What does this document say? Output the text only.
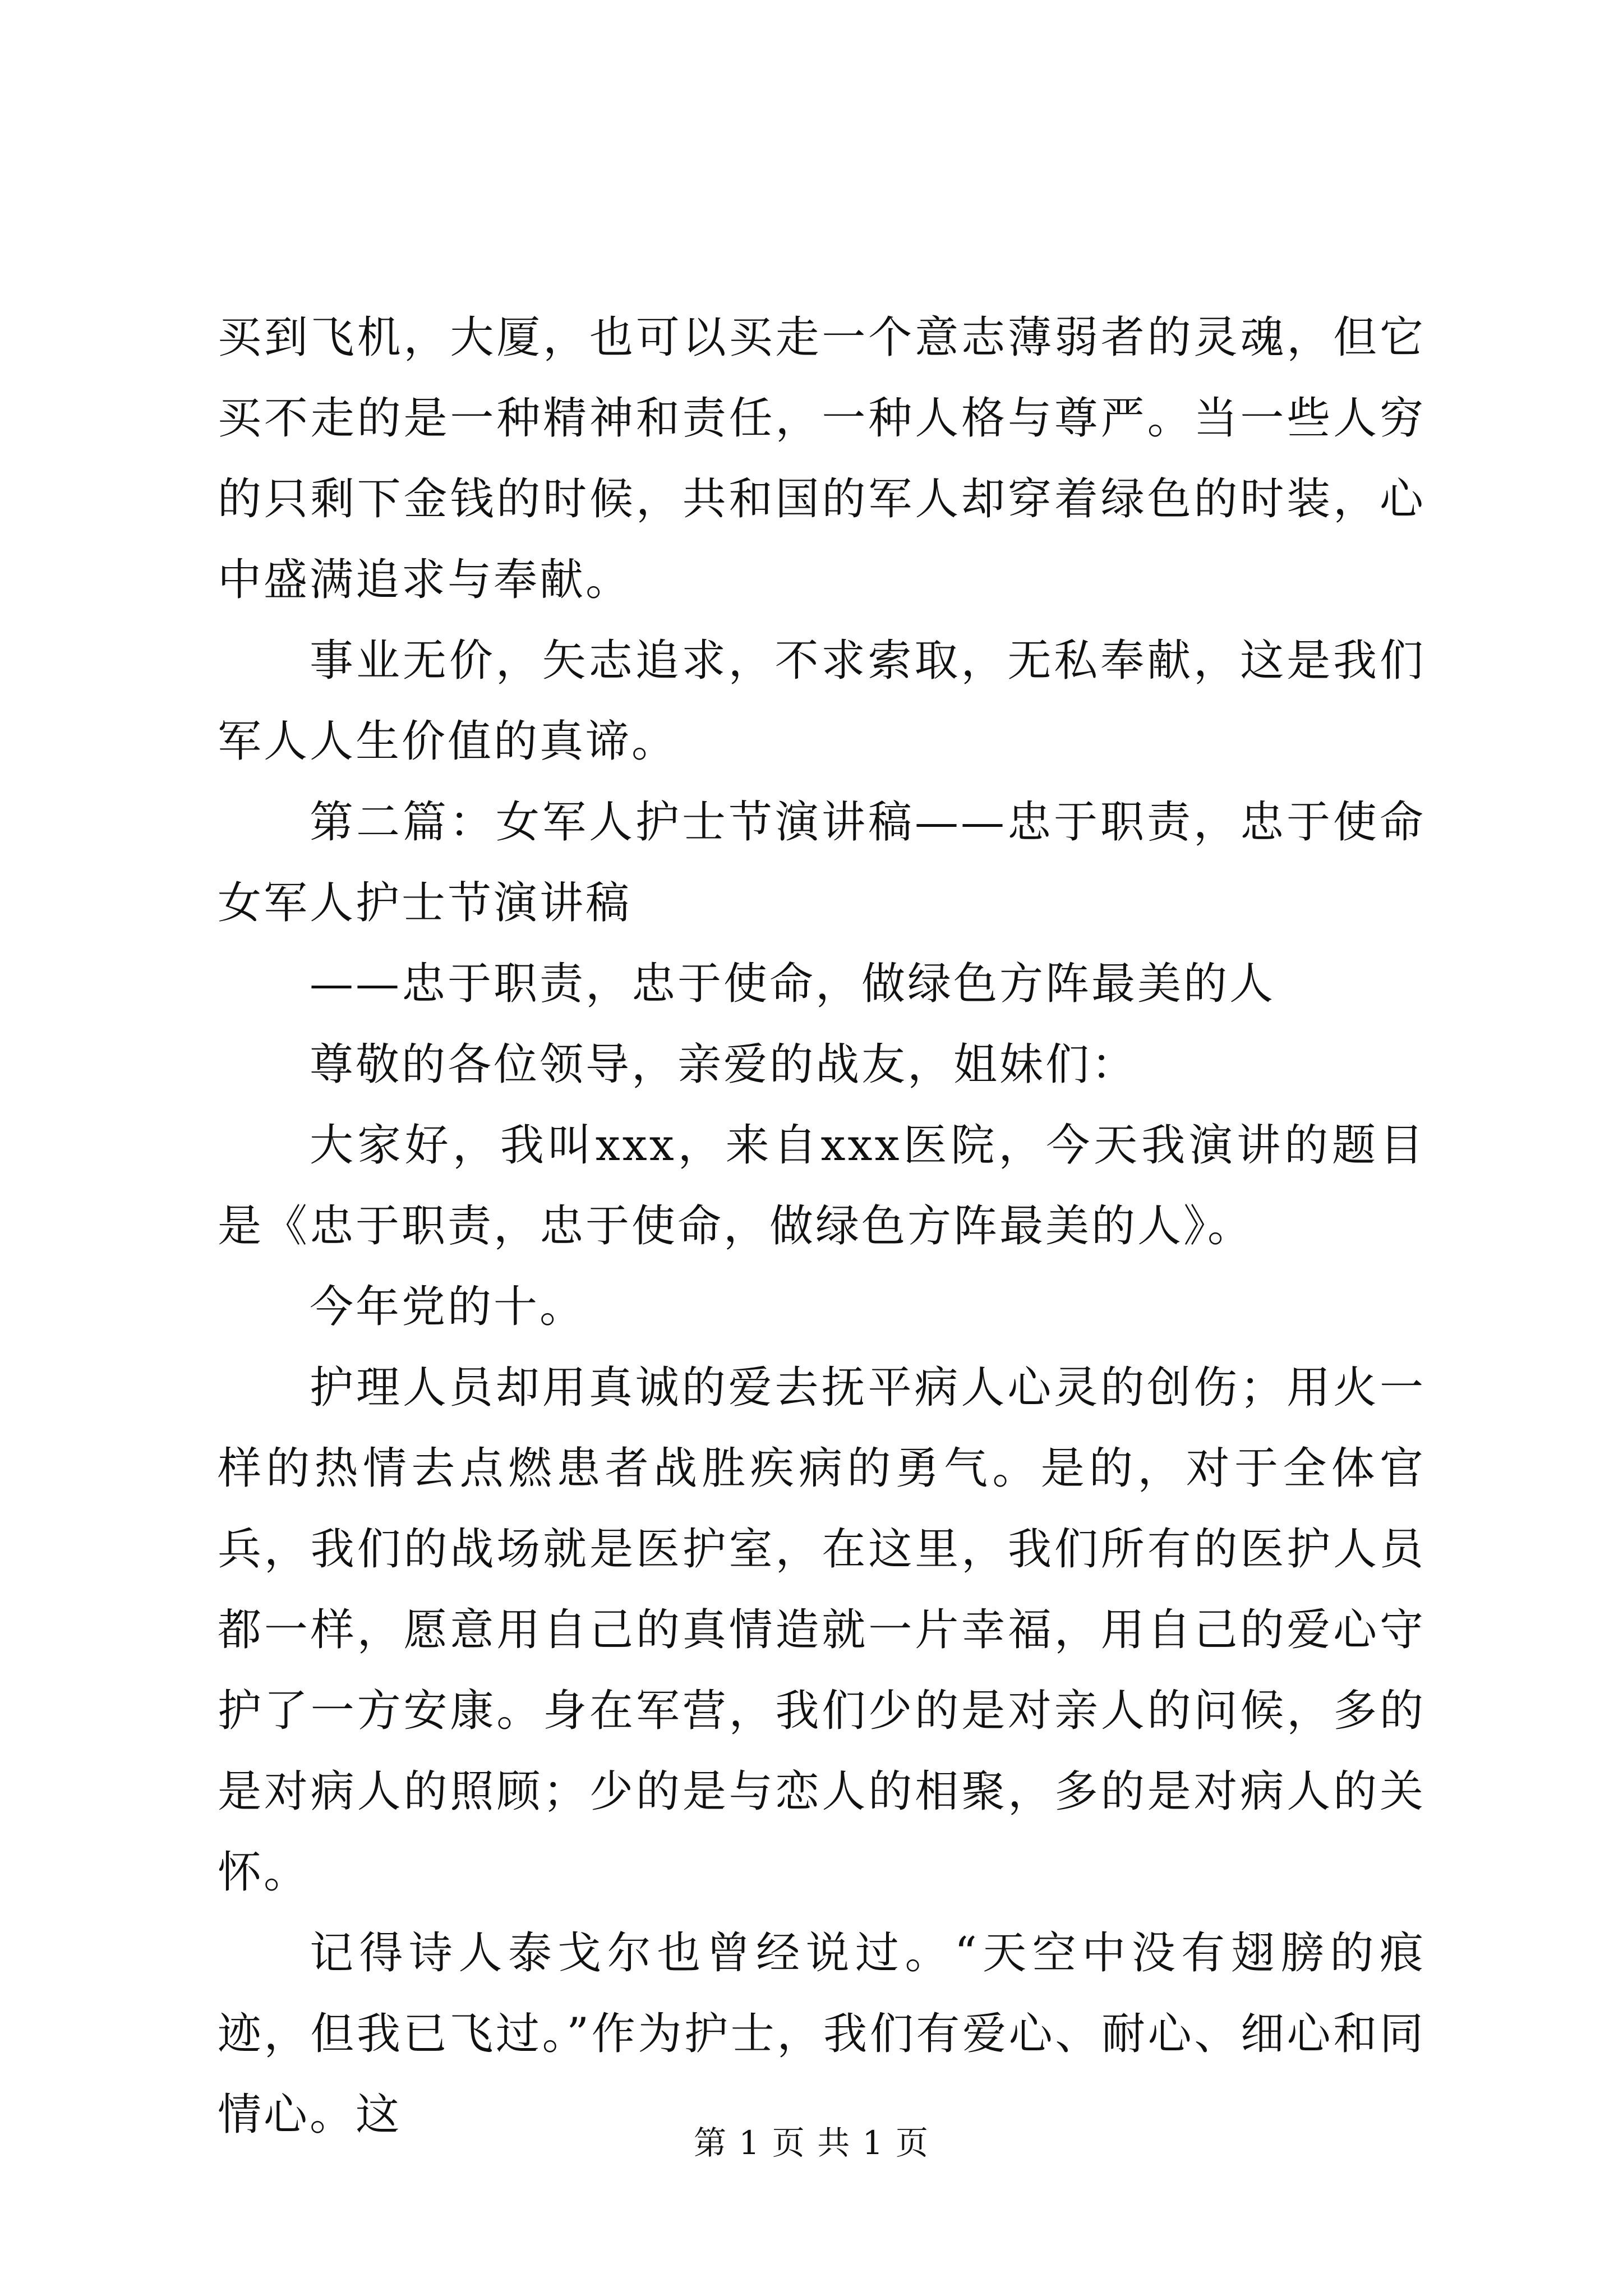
买到飞机，大厦，也可以买走一个意志薄弱者的灵魂，但它买不走的是一种精神和责任，一种人格与尊严。当一些人穷的只剩下金钱的时候，共和国的军人却穿着绿色的时装，心中盛满追求与奉献。

事业无价，矢志追求，不求索取，无私奉献，这是我们军人人生价值的真谛。

第二篇：女军人护士节演讲稿——忠于职责，忠于使命女军人护士节演讲稿

——忠于职责，忠于使命，做绿色方阵最美的人

尊敬的各位领导，亲爱的战友，姐妹们：

大家好，我叫xxx，来自xxx医院，今天我演讲的题目是《忠于职责，忠于使命，做绿色方阵最美的人》。

今年党的十。

护理人员却用真诚的爱去抚平病人心灵的创伤；用火一样的热情去点燃患者战胜疾病的勇气。是的，对于全体官兵，我们的战场就是医护室，在这里，我们所有的医护人员都一样，愿意用自己的真情造就一片幸福，用自己的爱心守护了一方安康。身在军营，我们少的是对亲人的问候，多的是对病人的照顾；少的是与恋人的相聚，多的是对病人的关怀。

记得诗人泰戈尔也曾经说过。“天空中没有翅膀的痕迹，但我已飞过。”作为护士，我们有爱心、耐心、细心和同情心。这

第 1 页 共 1 页
